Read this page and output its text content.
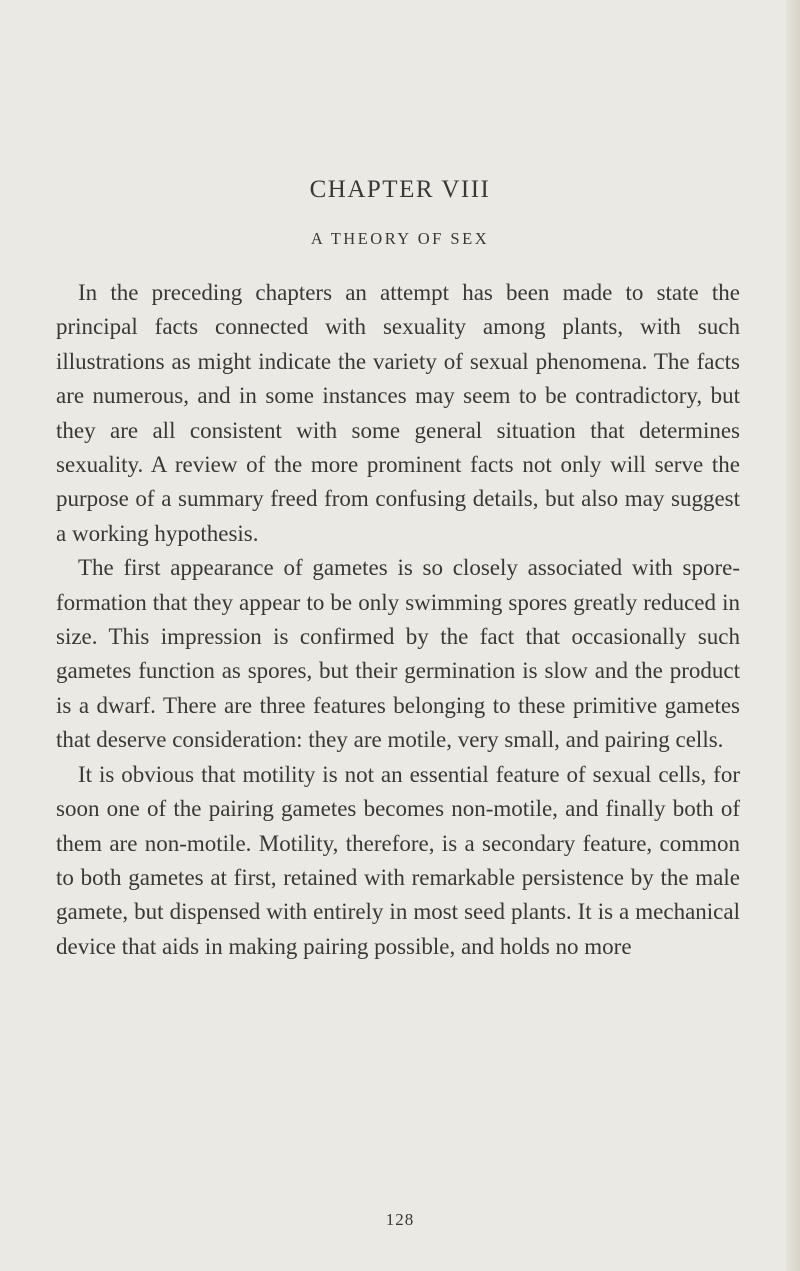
CHAPTER VIII
A THEORY OF SEX

In the preceding chapters an attempt has been made to state the principal facts connected with sexuality among plants, with such illustrations as might indicate the variety of sexual phenomena. The facts are numerous, and in some instances may seem to be contradictory, but they are all consistent with some general situation that determines sexuality. A review of the more prominent facts not only will serve the purpose of a summary freed from confusing details, but also may suggest a working hypothesis.

The first appearance of gametes is so closely associated with spore-formation that they appear to be only swimming spores greatly reduced in size. This impression is confirmed by the fact that occasionally such gametes function as spores, but their germination is slow and the product is a dwarf. There are three features belonging to these primitive gametes that deserve consideration: they are motile, very small, and pairing cells.

It is obvious that motility is not an essential feature of sexual cells, for soon one of the pairing gametes becomes non-motile, and finally both of them are non-motile. Motility, therefore, is a secondary feature, common to both gametes at first, retained with remarkable persistence by the male gamete, but dispensed with entirely in most seed plants. It is a mechanical device that aids in making pairing possible, and holds no more

128
